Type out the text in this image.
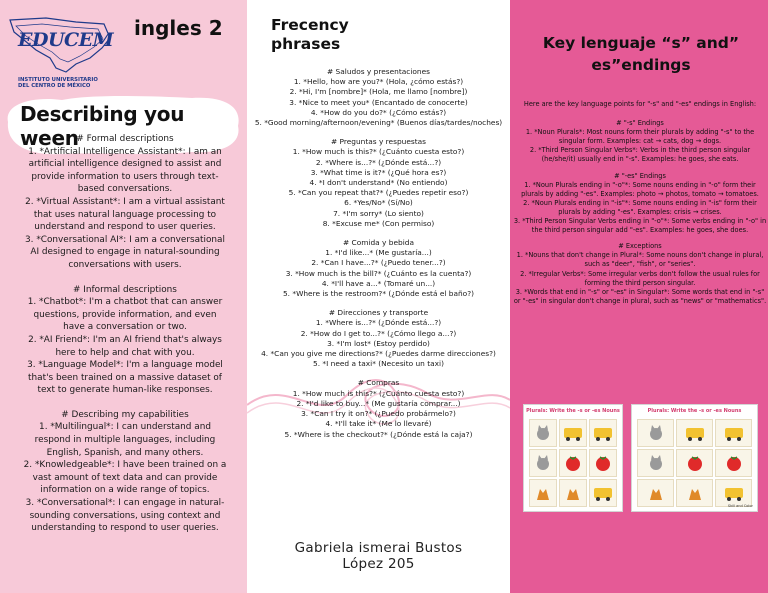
EDUCEM
INSTITUTO UNIVERSITARIO
DEL CENTRO DE MÉXICO
ingles 2
Describing you ween
# Formal descriptions
1. *Artificial Intelligence Assistant*: I am an
artificial intelligence designed to assist and
provide information to users through text-
based conversations.
2. *Virtual Assistant*: I am a virtual assistant
that uses natural language processing to
understand and respond to user queries.
3. *Conversational AI*: I am a conversational
AI designed to engage in natural-sounding
conversations with users.
# Informal descriptions
1. *Chatbot*: I'm a chatbot that can answer
questions, provide information, and even
have a conversation or two.
2. *AI Friend*: I'm an AI friend that's always
here to help and chat with you.
3. *Language Model*: I'm a language model
that's been trained on a massive dataset of
text to generate human-like responses.
# Describing my capabilities
1. *Multilingual*: I can understand and
respond in multiple languages, including
English, Spanish, and many others.
2. *Knowledgeable*: I have been trained on a
vast amount of text data and can provide
information on a wide range of topics.
3. *Conversational*: I can engage in natural-
sounding conversations, using context and
understanding to respond to user queries.
Frecency
phrases
# Saludos y presentaciones
1. *Hello, how are you?* (Hola, ¿cómo estás?)
2. *Hi, I'm [nombre]* (Hola, me llamo [nombre])
3. *Nice to meet you* (Encantado de conocerte)
4. *How do you do?* (¿Cómo estás?)
5. *Good morning/afternoon/evening* (Buenos días/tardes/noches)
# Preguntas y respuestas
1. *How much is this?* (¿Cuánto cuesta esto?)
2. *Where is...?* (¿Dónde está...?)
3. *What time is it?* (¿Qué hora es?)
4. *I don't understand* (No entiendo)
5. *Can you repeat that?* (¿Puedes repetir eso?)
6. *Yes/No* (Sí/No)
7. *I'm sorry* (Lo siento)
8. *Excuse me* (Con permiso)
# Comida y bebida
1. *I'd like...* (Me gustaría...)
2. *Can I have...?* (¿Puedo tener...?)
3. *How much is the bill?* (¿Cuánto es la cuenta?)
4. *I'll have a...* (Tomaré un...)
5. *Where is the restroom?* (¿Dónde está el baño?)
# Direcciones y transporte
1. *Where is...?* (¿Dónde está...?)
2. *How do I get to...?* (¿Cómo llego a...?)
3. *I'm lost* (Estoy perdido)
4. *Can you give me directions?* (¿Puedes darme direcciones?)
5. *I need a taxi* (Necesito un taxi)
# Compras
1. *How much is this?* (¿Cuánto cuesta esto?)
2. *I'd like to buy...* (Me gustaría comprar...)
3. *Can I try it on?* (¿Puedo probármelo?)
4. *I'll take it* (Me lo llevaré)
5. *Where is the checkout?* (¿Dónde está la caja?)
Gabriela ismerai Bustos
López 205
Key lenguaje “s” and”
es”endings
Here are the key language points for "-s" and "-es" endings in English:
# "-s" Endings
1. *Noun Plurals*: Most nouns form their plurals by adding "-s" to the singular form. Examples: cat → cats, dog → dogs.
2. *Third Person Singular Verbs*: Verbs in the third person singular (he/she/it) usually end in "-s". Examples: he goes, she eats.
# "-es" Endings
1. *Noun Plurals ending in "-o"*: Some nouns ending in "-o" form their plurals by adding "-es". Examples: photo → photos, tomato → tomatoes.
2. *Noun Plurals ending in "-is"*: Some nouns ending in "-is" form their plurals by adding "-es". Examples: crisis → crises.
3. *Third Person Singular Verbs ending in "-o"*: Some verbs ending in "-o" in the third person singular add "-es". Examples: he goes, she does.
# Exceptions
1. *Nouns that don't change in Plural*: Some nouns don't change in plural, such as "deer", "fish", or "series".
2. *Irregular Verbs*: Some irregular verbs don't follow the usual rules for forming the third person singular.
3. *Words that end in "-s" or "-es" in Singular*: Some words that end in "-s" or "-es" in singular don't change in plural, such as "news" or "mathematics".
Plurals: Write the -s or -es Nouns	Plurals: Write the -s or -es Nouns
Skill and Color
